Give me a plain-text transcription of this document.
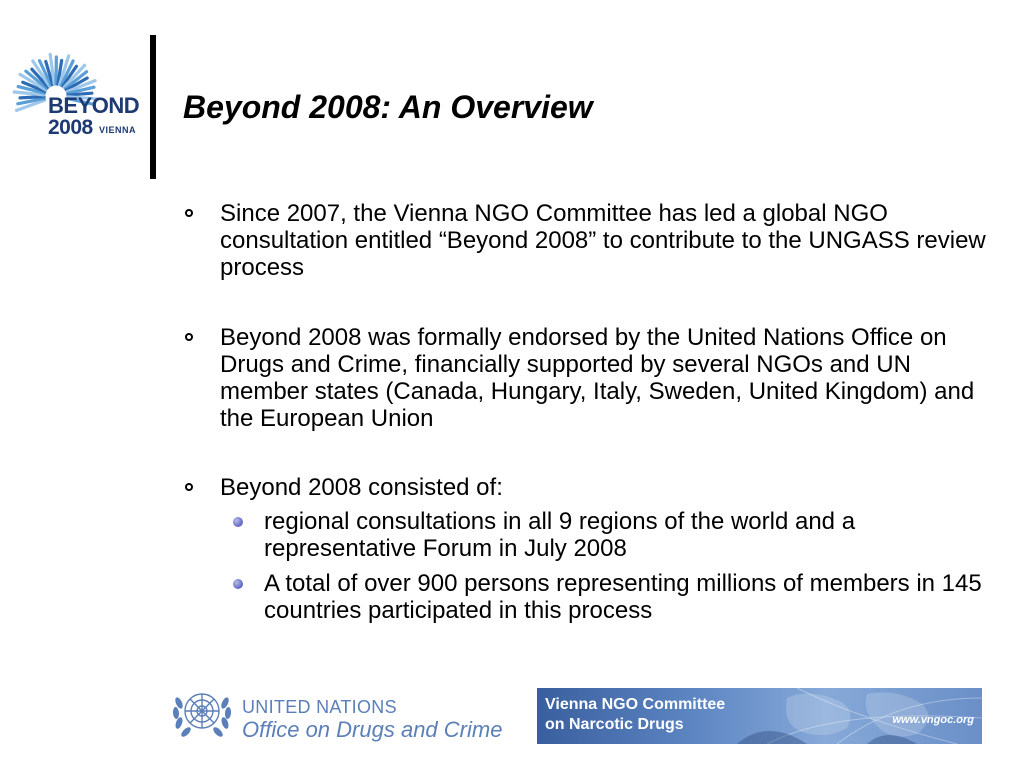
BEYOND
2008 VIENNA
Beyond 2008: An Overview
Since 2007, the Vienna NGO Committee has led a global NGO consultation entitled “Beyond 2008” to contribute to the UNGASS review process
Beyond 2008 was formally endorsed by the United Nations Office on Drugs and Crime, financially supported by several NGOs and UN member states (Canada, Hungary, Italy, Sweden, United Kingdom) and the European Union
Beyond 2008 consisted of:
regional consultations in all 9 regions of the world and a representative Forum in July 2008
A total of over 900 persons representing millions of members in 145 countries participated in this process
UNITED NATIONS
Office on Drugs and Crime
Vienna NGO Committee
on Narcotic Drugs	www.vngoc.org
